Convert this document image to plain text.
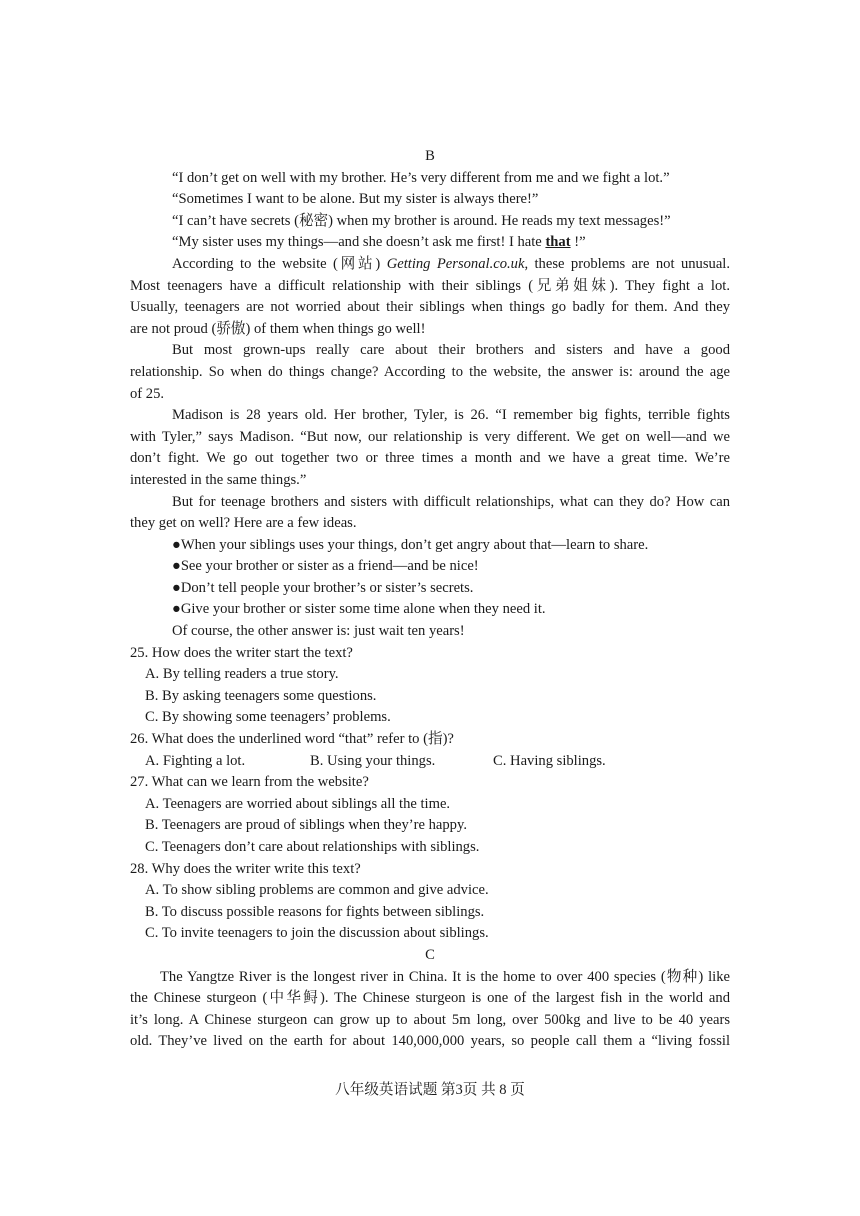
B
“I don’t get on well with my brother. He’s very different from me and we fight a lot.”
“Sometimes I want to be alone. But my sister is always there!”
“I can’t have secrets (秘密) when my brother is around. He reads my text messages!”
“My sister uses my things—and she doesn’t ask me first! I hate that !”
According to the website (网站) Getting Personal.co.uk, these problems are not unusual.
Most teenagers have a difficult relationship with their siblings (兄弟姐妹). They fight a lot.
Usually, teenagers are not worried about their siblings when things go badly for them. And they
are not proud (骄傲) of them when things go well!
But most grown-ups really care about their brothers and sisters and have a good
relationship. So when do things change? According to the website, the answer is: around the age
of 25.
Madison is 28 years old. Her brother, Tyler, is 26. “I remember big fights, terrible fights
with Tyler,” says Madison. “But now, our relationship is very different. We get on well—and we
don’t fight. We go out together two or three times a month and we have a great time. We’re
interested in the same things.”
But for teenage brothers and sisters with difficult relationships, what can they do? How can
they get on well? Here are a few ideas.
●When your siblings uses your things, don’t get angry about that—learn to share.
●See your brother or sister as a friend—and be nice!
●Don’t tell people your brother’s or sister’s secrets.
●Give your brother or sister some time alone when they need it.
Of course, the other answer is: just wait ten years!
25. How does the writer start the text?
A. By telling readers a true story.
B. By asking teenagers some questions.
C. By showing some teenagers’ problems.
26. What does the underlined word “that” refer to (指)?
A. Fighting a lot.	B. Using your things.	C. Having siblings.
27. What can we learn from the website?
A. Teenagers are worried about siblings all the time.
B. Teenagers are proud of siblings when they’re happy.
C. Teenagers don’t care about relationships with siblings.
28. Why does the writer write this text?
A. To show sibling problems are common and give advice.
B. To discuss possible reasons for fights between siblings.
C. To invite teenagers to join the discussion about siblings.
C
The Yangtze River is the longest river in China. It is the home to over 400 species (物种) like
the Chinese sturgeon (中华鲟). The Chinese sturgeon is one of the largest fish in the world and
it’s long. A Chinese sturgeon can grow up to about 5m long, over 500kg and live to be 40 years
old. They’ve lived on the earth for about 140,000,000 years, so people call them a “living fossil
八年级英语试题 第3页 共 8 页
